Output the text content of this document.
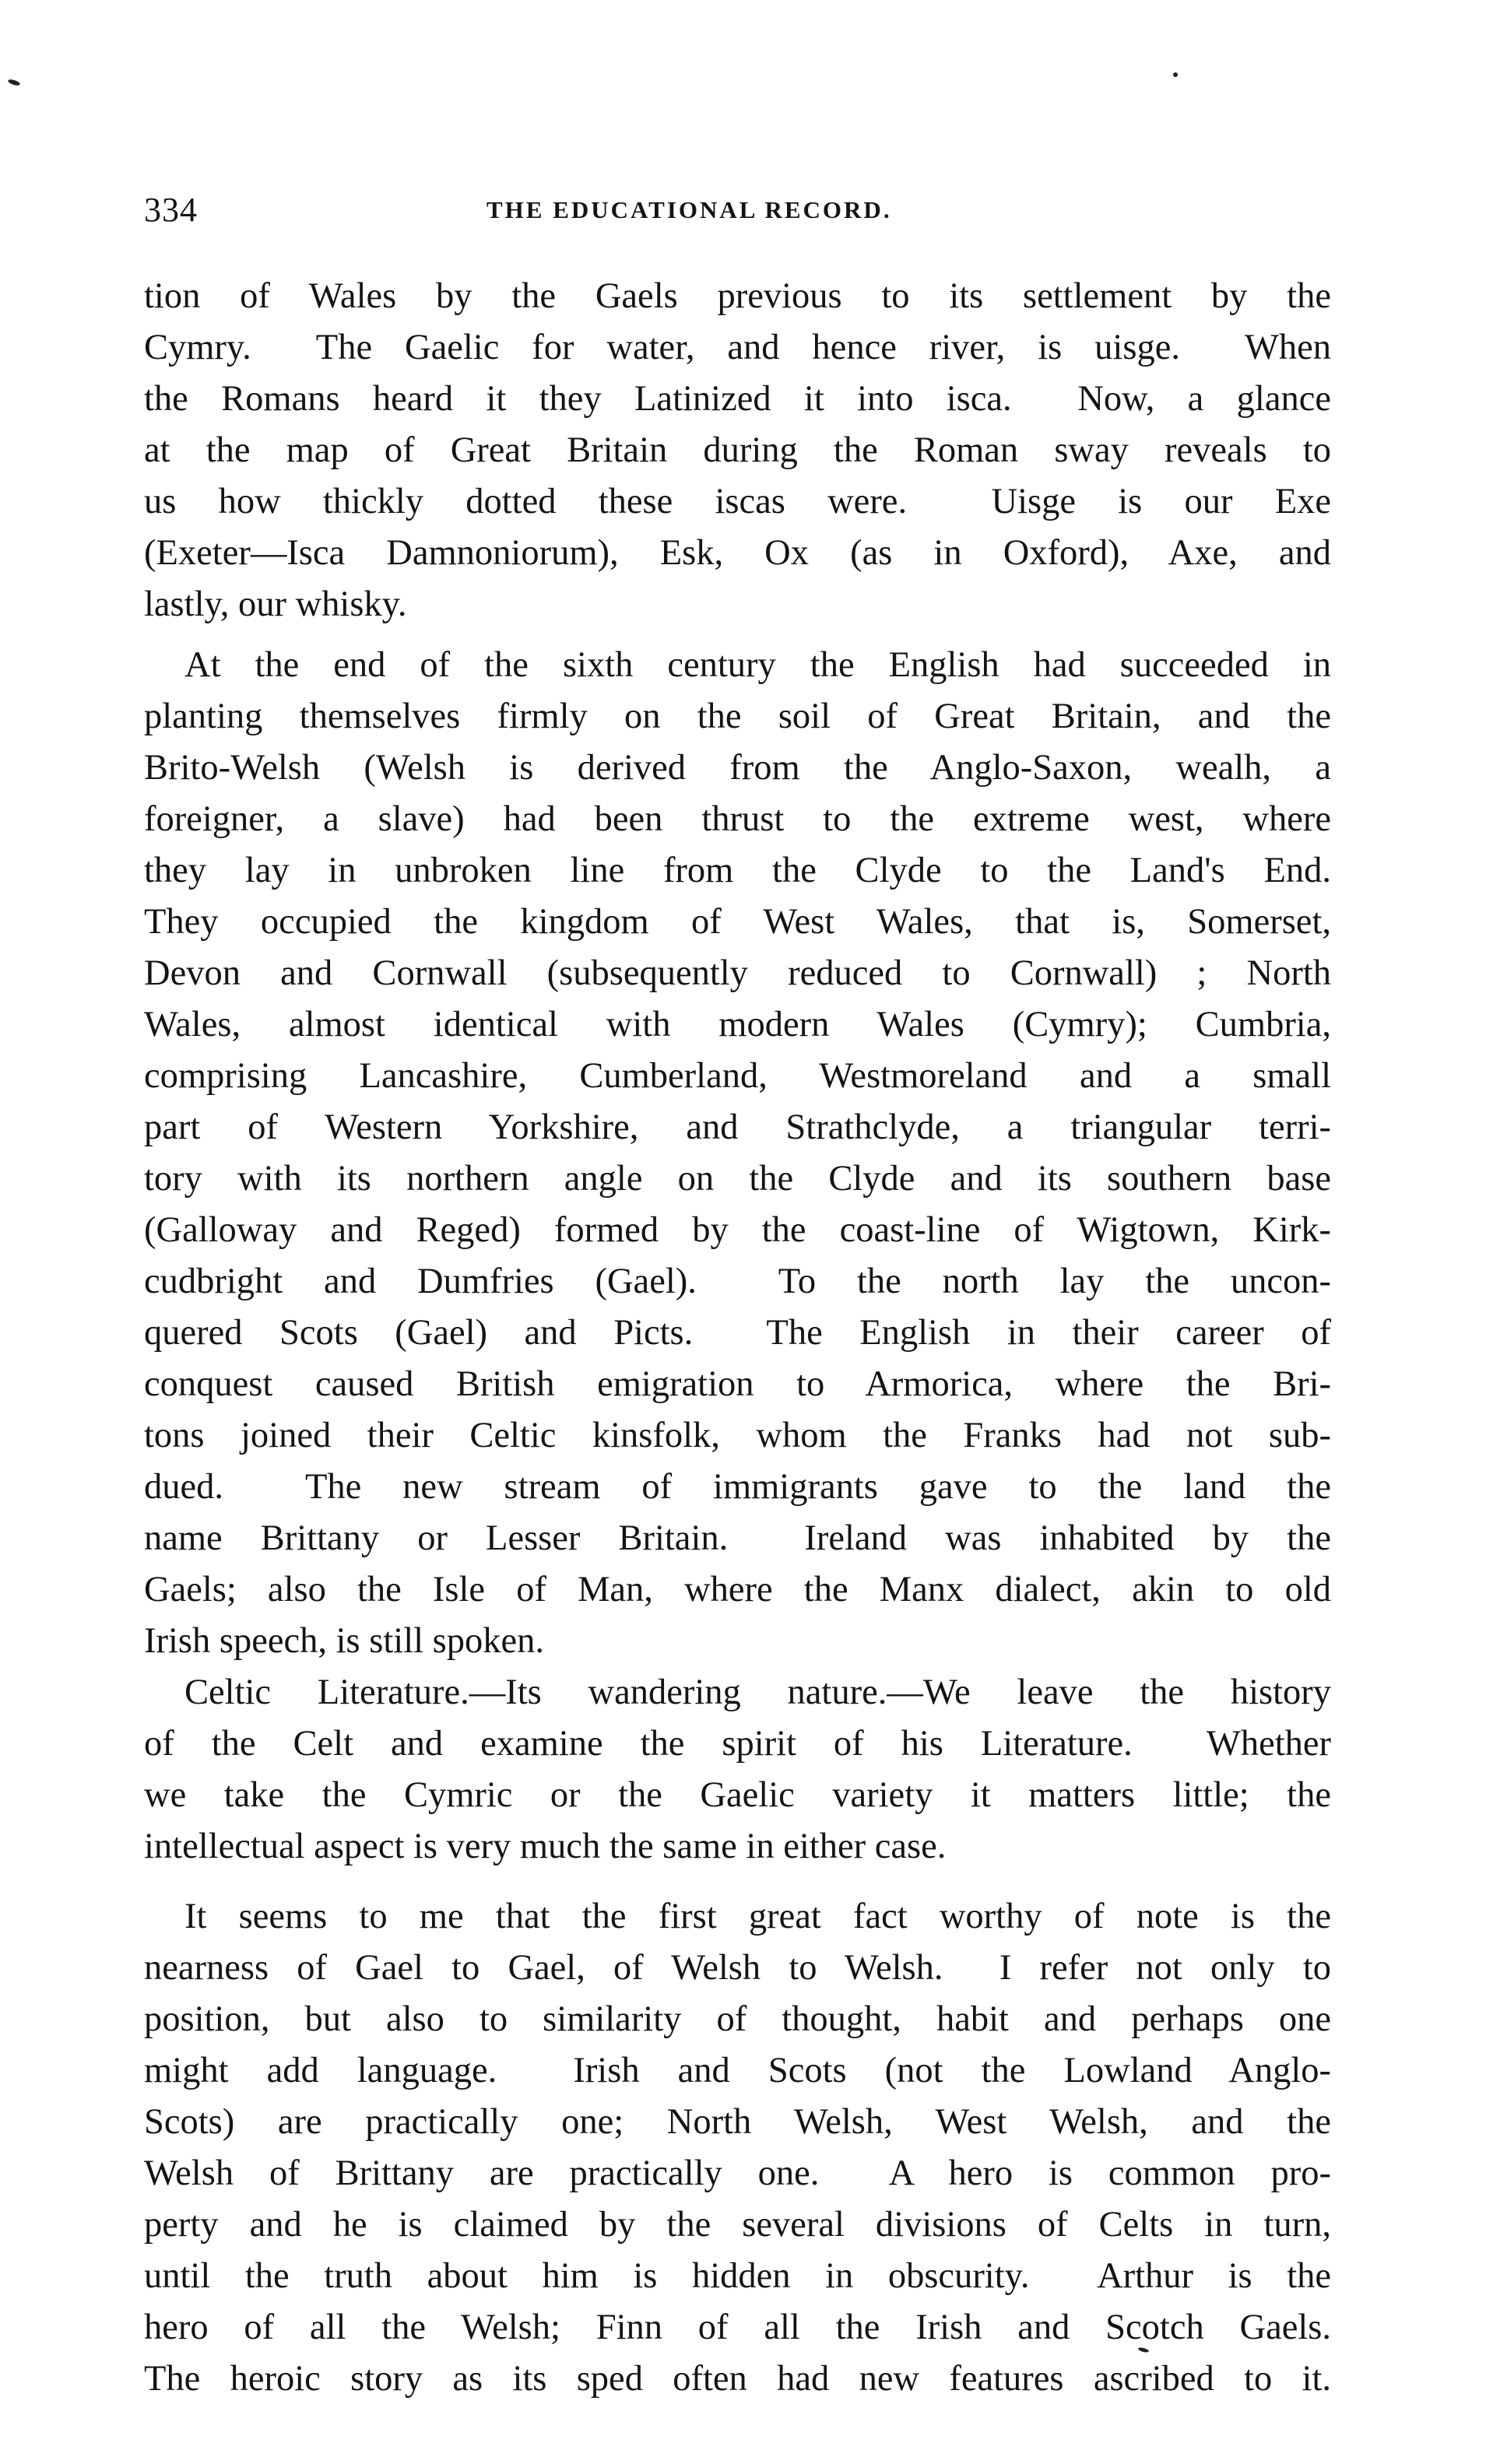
334	THE EDUCATIONAL RECORD.
tion of Wales by the Gaels previous to its settlement by the
Cymry.  The Gaelic for water, and hence river, is uisge.  When
the Romans heard it they Latinized it into isca.  Now, a glance
at the map of Great Britain during the Roman sway reveals to
us how thickly dotted these iscas were.  Uisge is our Exe
(Exeter—Isca Damnoniorum), Esk, Ox (as in Oxford), Axe, and
lastly, our whisky.
At the end of the sixth century the English had succeeded in
planting themselves firmly on the soil of Great Britain, and the
Brito-Welsh (Welsh is derived from the Anglo-Saxon, wealh, a
foreigner, a slave) had been thrust to the extreme west, where
they lay in unbroken line from the Clyde to the Land's End.
They occupied the kingdom of West Wales, that is, Somerset,
Devon and Cornwall (subsequently reduced to Cornwall) ; North
Wales, almost identical with modern Wales (Cymry); Cumbria,
comprising Lancashire, Cumberland, Westmoreland and a small
part of Western Yorkshire, and Strathclyde, a triangular terri-
tory with its northern angle on the Clyde and its southern base
(Galloway and Reged) formed by the coast-line of Wigtown, Kirk-
cudbright and Dumfries (Gael).  To the north lay the uncon-
quered Scots (Gael) and Picts.  The English in their career of
conquest caused British emigration to Armorica, where the Bri-
tons joined their Celtic kinsfolk, whom the Franks had not sub-
dued.  The new stream of immigrants gave to the land the
name Brittany or Lesser Britain.  Ireland was inhabited by the
Gaels; also the Isle of Man, where the Manx dialect, akin to old
Irish speech, is still spoken.
Celtic Literature.—Its wandering nature.—We leave the history
of the Celt and examine the spirit of his Literature.  Whether
we take the Cymric or the Gaelic variety it matters little; the
intellectual aspect is very much the same in either case.
It seems to me that the first great fact worthy of note is the
nearness of Gael to Gael, of Welsh to Welsh.  I refer not only to
position, but also to similarity of thought, habit and perhaps one
might add language.  Irish and Scots (not the Lowland Anglo-
Scots) are practically one; North Welsh, West Welsh, and the
Welsh of Brittany are practically one.  A hero is common pro-
perty and he is claimed by the several divisions of Celts in turn,
until the truth about him is hidden in obscurity.  Arthur is the
hero of all the Welsh; Finn of all the Irish and Scotch Gaels.
The heroic story as its sped often had new features ascribed to it.
